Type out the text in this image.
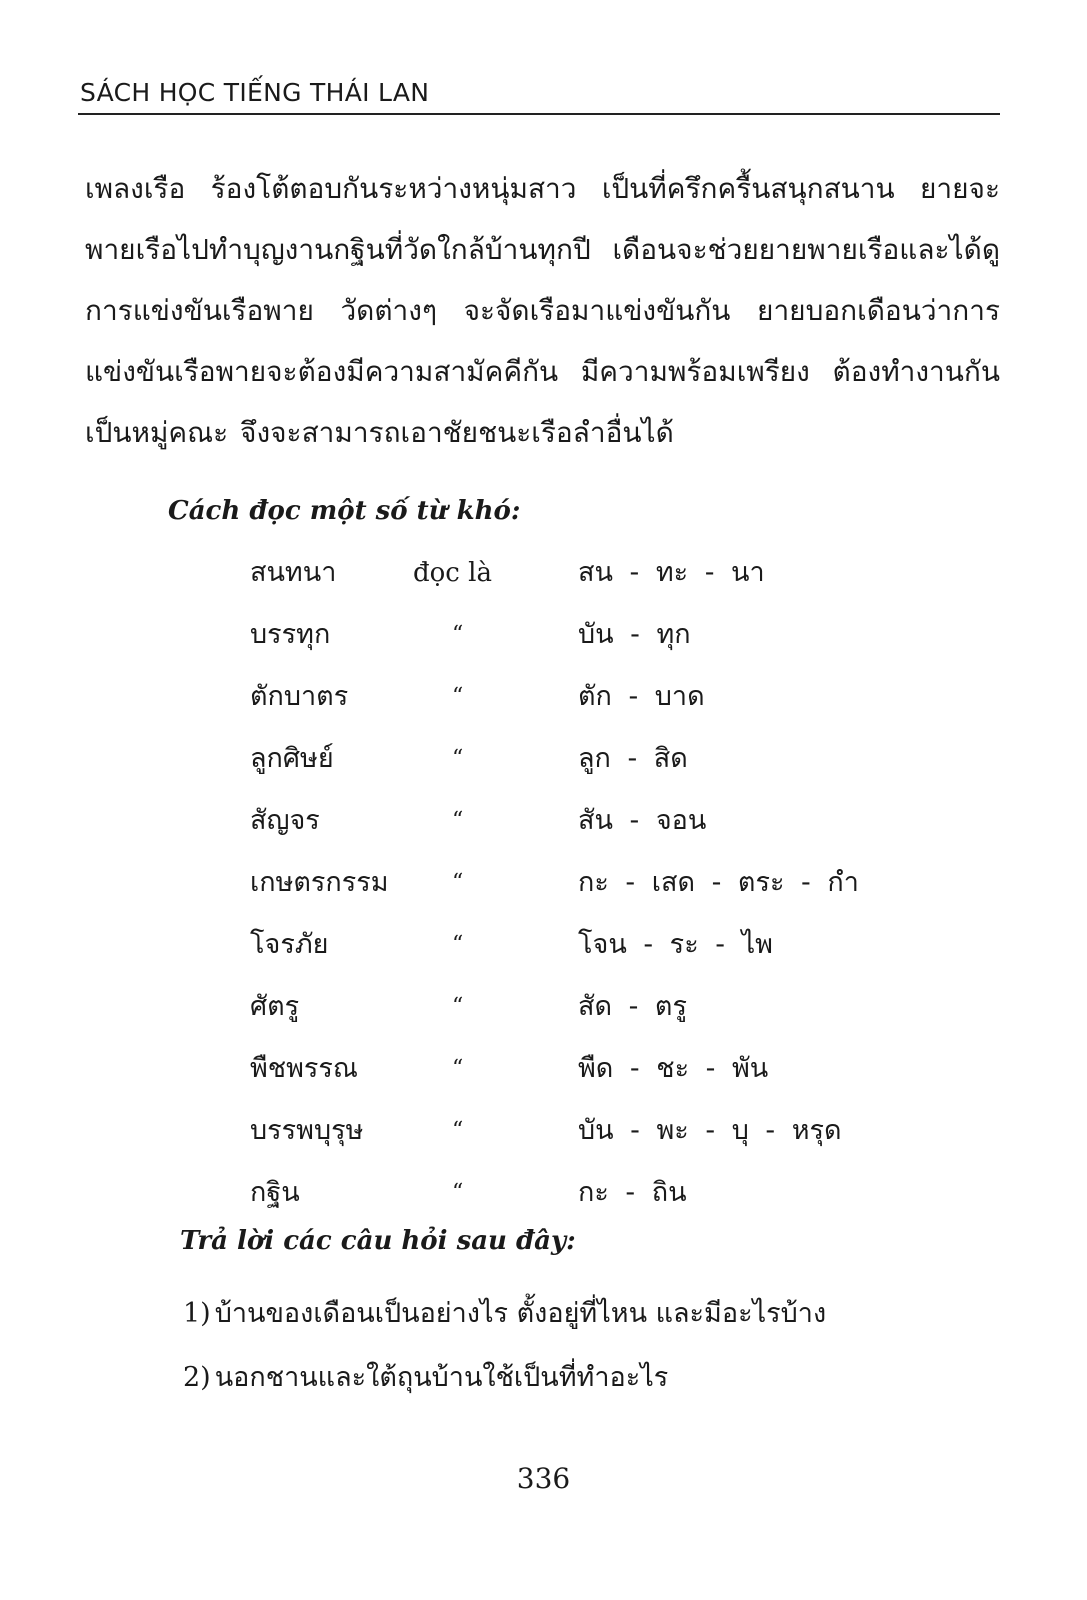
SÁCH HỌC TIẾNG THÁI LAN

เพลงเรือ ร้องโต้ตอบกันระหว่างหนุ่มสาว เป็นที่ครึกครื้นสนุกสนาน ยายจะพายเรือไปทำบุญงานกฐินที่วัดใกล้บ้านทุกปี เดือนจะช่วยยายพายเรือและได้ดูการแข่งขันเรือพาย วัดต่างๆ จะจัดเรือมาแข่งขันกัน ยายบอกเดือนว่าการแข่งขันเรือพายจะต้องมีความสามัคคีกัน มีความพร้อมเพรียง ต้องทำงานกันเป็นหมู่คณะ จึงจะสามารถเอาชัยชนะเรือลำอื่นได้

Cách đọc một số từ khó:
สนทนา	đọc là	สน - ทะ - นา
บรรทุก	“	บัน - ทุก
ตักบาตร	“	ตัก - บาด
ลูกศิษย์	“	ลูก - สิด
สัญจร	“	สัน - จอน
เกษตรกรรม	“	กะ - เสด - ตระ - กำ
โจรภัย	“	โจน - ระ - ไพ
ศัตรู	“	สัด - ตรู
พืชพรรณ	“	พืด - ชะ - พัน
บรรพบุรุษ	“	บัน - พะ - บุ - หรุด
กฐิน	“	กะ - ถิน
Trả lời các câu hỏi sau đây:
1) บ้านของเดือนเป็นอย่างไร ตั้งอยู่ที่ไหน และมีอะไรบ้าง
2) นอกชานและใต้ถุนบ้านใช้เป็นที่ทำอะไร
336
